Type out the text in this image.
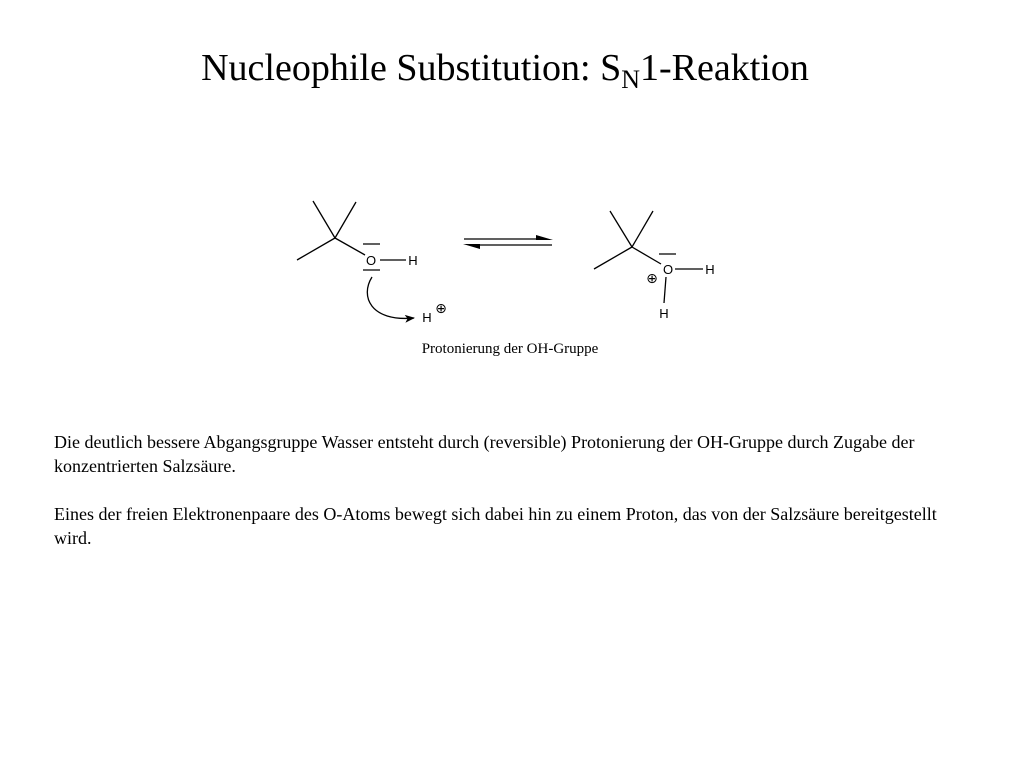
Nucleophile Substitution: $S_N1$-Reaktion
O H
H
⊕
O H
H
⊕
Protonierung der OH-Gruppe

Die deutlich bessere Abgangsgruppe Wasser entsteht durch (reversible) Protonierung der OH-Gruppe durch Zugabe der konzentrierten Salzsäure.

Eines der freien Elektronenpaare des O-Atoms bewegt sich dabei hin zu einem Proton, das von der Salzsäure bereitgestellt wird.
